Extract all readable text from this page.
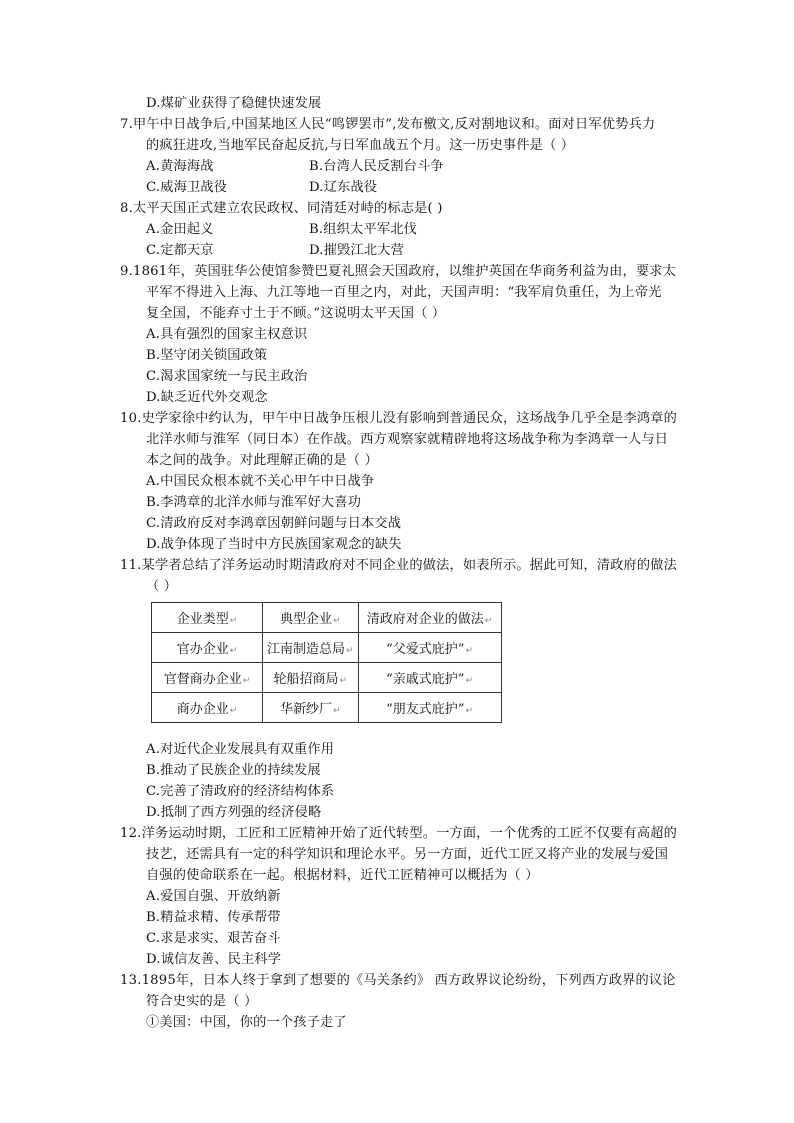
D.煤矿业获得了稳健快速发展
7.甲午中日战争后,中国某地区人民“鸣锣罢市”,发布檄文,反对割地议和。面对日军优势兵力
的疯狂进攻,当地军民奋起反抗,与日军血战五个月。这一历史事件是（ ）
A.黄海海战	B.台湾人民反割台斗争
C.威海卫战役	D.辽东战役
8.太平天国正式建立农民政权、同清廷对峙的标志是( )
A.金田起义	B.组织太平军北伐
C.定都天京	D.摧毁江北大营
9.1861年，英国驻华公使馆参赞巴夏礼照会天国政府，以维护英国在华商务利益为由，要求太
平军不得进入上海、九江等地一百里之内，对此，天国声明：“我军肩负重任，为上帝光
复全国，不能弃寸土于不顾。”这说明太平天国（ ）
A.具有强烈的国家主权意识
B.坚守闭关锁国政策
C.渴求国家统一与民主政治
D.缺乏近代外交观念
10.史学家徐中约认为，甲午中日战争压根儿没有影响到普通民众，这场战争几乎全是李鸿章的
北洋水师与淮军（同日本）在作战。西方观察家就精辟地将这场战争称为李鸿章一人与日
本之间的战争。对此理解正确的是（ ）
A.中国民众根本就不关心甲午中日战争
B.李鸿章的北洋水师与淮军好大喜功
C.清政府反对李鸿章因朝鲜问题与日本交战
D.战争体现了当时中方民族国家观念的缺失
11.某学者总结了洋务运动时期清政府对不同企业的做法，如表所示。据此可知，清政府的做法
（ ）
企业类型↵	典型企业↵	清政府对企业的做法↵
官办企业↵	江南制造总局↵	“父爱式庇护”↵
官督商办企业↵	轮船招商局↵	“亲戚式庇护”↵
商办企业↵	华新纱厂↵	“朋友式庇护”↵
A.对近代企业发展具有双重作用
B.推动了民族企业的持续发展
C.完善了清政府的经济结构体系
D.抵制了西方列强的经济侵略
12.洋务运动时期，工匠和工匠精神开始了近代转型。一方面，一个优秀的工匠不仅要有高超的
技艺，还需具有一定的科学知识和理论水平。另一方面，近代工匠又将产业的发展与爱国
自强的使命联系在一起。根据材料，近代工匠精神可以概括为（ ）
A.爱国自强、开放纳新
B.精益求精、传承帮带
C.求是求实、艰苦奋斗
D.诚信友善、民主科学
13.1895年，日本人终于拿到了想要的《马关条约》 西方政界议论纷纷，下列西方政界的议论
符合史实的是（ ）
①美国：中国，你的一个孩子走了
